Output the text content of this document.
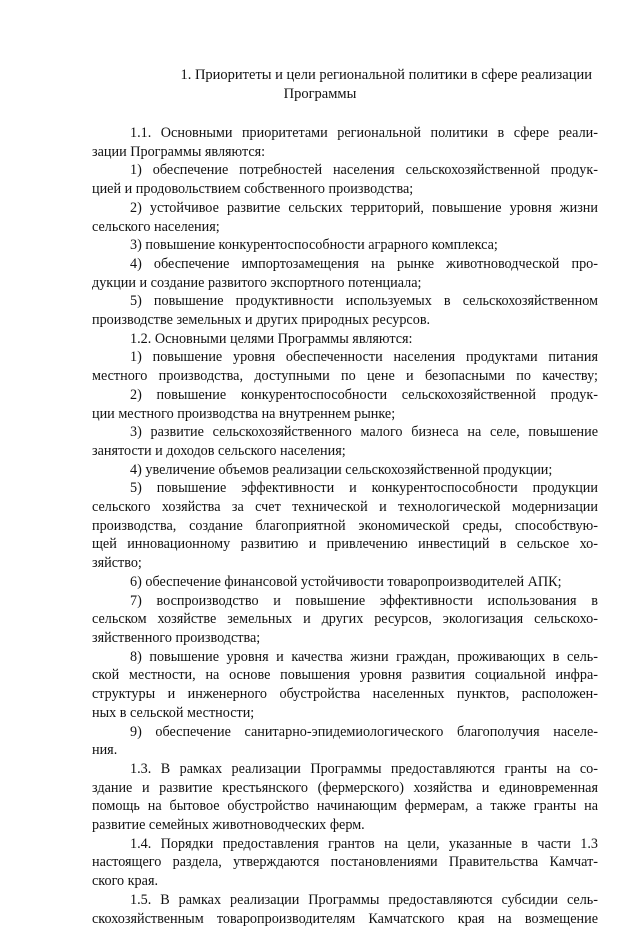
1. Приоритеты и цели региональной политики в сфере реализации
Программы
1.1. Основными приоритетами региональной политики в сфере реали-
зации Программы являются:
1) обеспечение потребностей населения сельскохозяйственной продук-
цией и продовольствием собственного производства;
2) устойчивое развитие сельских территорий, повышение уровня жизни
сельского населения;
3) повышение конкурентоспособности аграрного комплекса;
4) обеспечение импортозамещения на рынке животноводческой про-
дукции и создание развитого экспортного потенциала;
5) повышение продуктивности используемых в сельскохозяйственном
производстве земельных и других природных ресурсов.
1.2. Основными целями Программы являются:
1) повышение уровня обеспеченности населения продуктами питания
местного производства, доступными по цене и безопасными по качеству;
2) повышение конкурентоспособности сельскохозяйственной продук-
ции местного производства на внутреннем рынке;
3) развитие сельскохозяйственного малого бизнеса на селе, повышение
занятости и доходов сельского населения;
4) увеличение объемов реализации сельскохозяйственной продукции;
5) повышение эффективности и конкурентоспособности продукции
сельского хозяйства за счет технической и технологической модернизации
производства, создание благоприятной экономической среды, способствую-
щей инновационному развитию и привлечению инвестиций в сельское хо-
зяйство;
6) обеспечение финансовой устойчивости товаропроизводителей АПК;
7) воспроизводство и повышение эффективности использования в
сельском хозяйстве земельных и других ресурсов, экологизация сельскохо-
зяйственного производства;
8) повышение уровня и качества жизни граждан, проживающих в сель-
ской местности, на основе повышения уровня развития социальной инфра-
структуры и инженерного обустройства населенных пунктов, расположен-
ных в сельской местности;
9) обеспечение санитарно-эпидемиологического благополучия населе-
ния.
1.3. В рамках реализации Программы предоставляются гранты на со-
здание и развитие крестьянского (фермерского) хозяйства и единовременная
помощь на бытовое обустройство начинающим фермерам, а также гранты на
развитие семейных животноводческих ферм.
1.4. Порядки предоставления грантов на цели, указанные в части 1.3
настоящего раздела, утверждаются постановлениями Правительства Камчат-
ского края.
1.5. В рамках реализации Программы предоставляются субсидии сель-
скохозяйственным товаропроизводителям Камчатского края на возмещение
